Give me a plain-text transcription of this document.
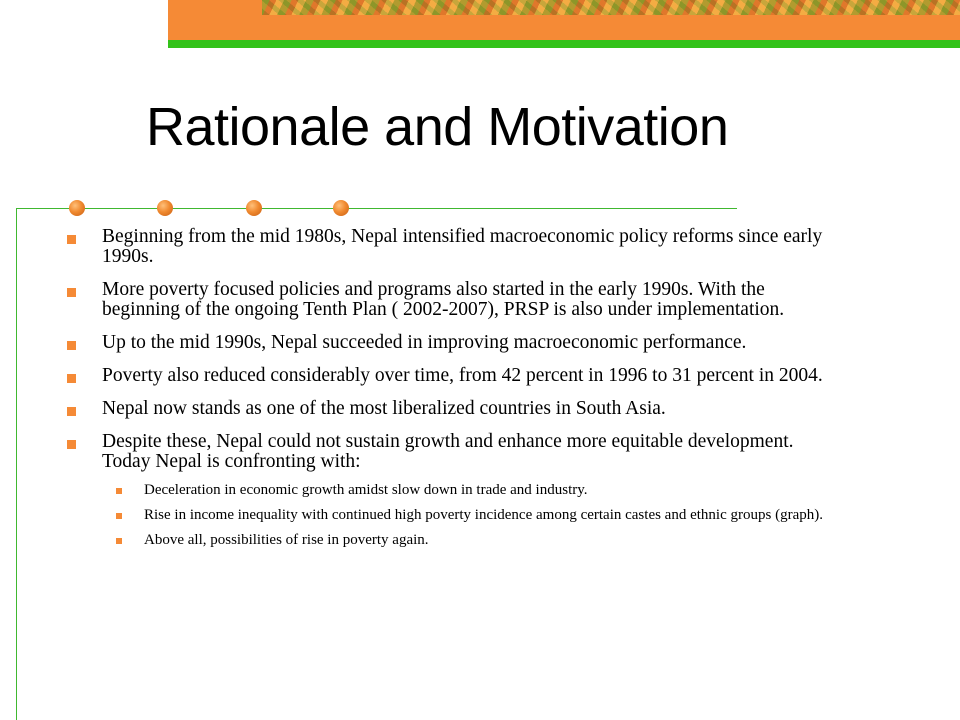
Rationale and Motivation
Beginning from the mid 1980s, Nepal intensified macroeconomic policy reforms since early 1990s.
More poverty focused policies and programs also started in the early 1990s. With the beginning of the ongoing Tenth Plan ( 2002-2007), PRSP is also under implementation.
Up to the mid 1990s, Nepal succeeded in improving macroeconomic performance.
Poverty also reduced considerably over time, from 42 percent in 1996 to 31 percent in 2004.
Nepal now stands as one of the most liberalized countries in South Asia.
Despite these, Nepal could not sustain growth and enhance more equitable development. Today Nepal is confronting with:
Deceleration in economic growth amidst slow down in trade and industry.
Rise in income inequality with continued high poverty incidence among certain castes and ethnic groups (graph).
Above all, possibilities of rise in poverty again.
